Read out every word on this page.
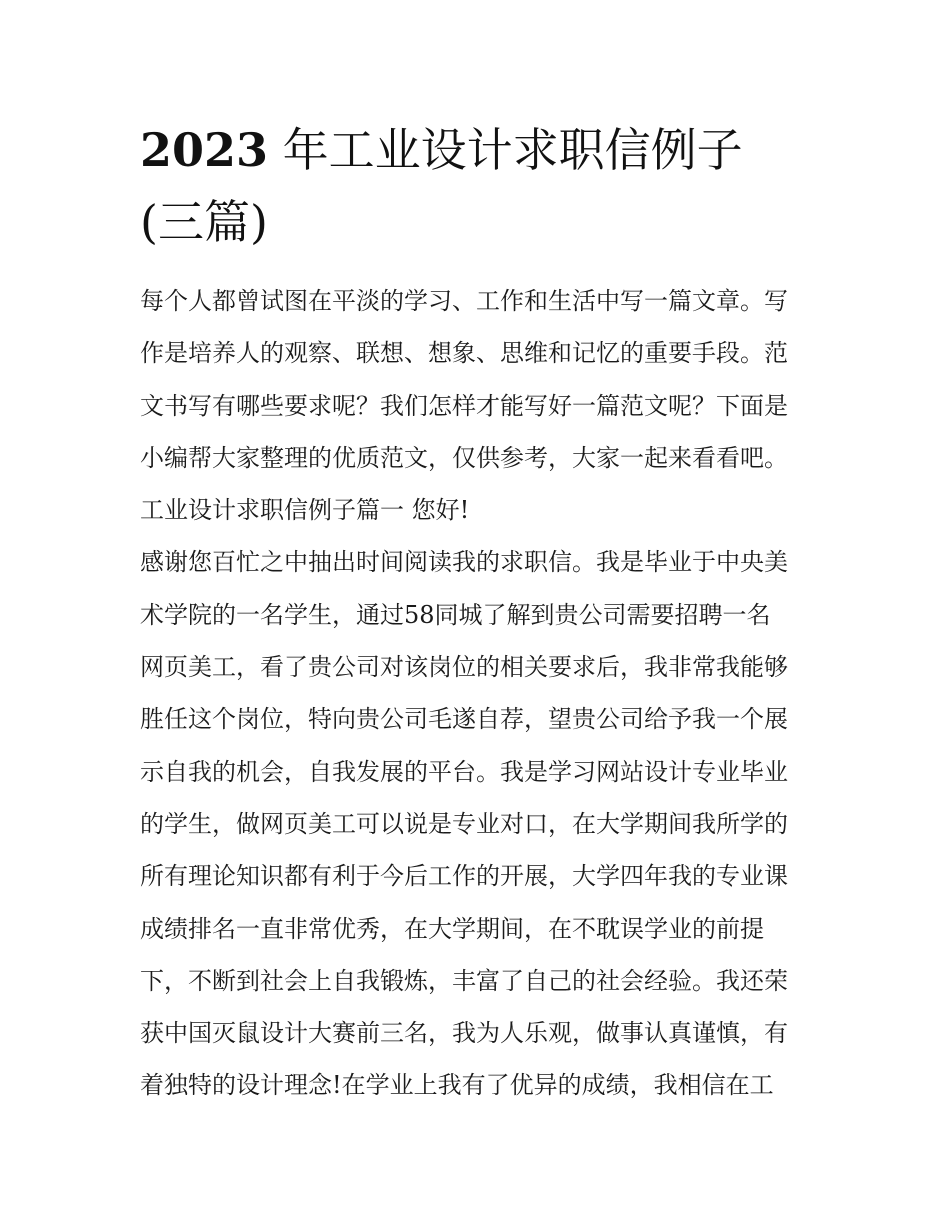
2023 年工业设计求职信例子
(三篇)
每个人都曾试图在平淡的学习、工作和生活中写一篇文章。写
作是培养人的观察、联想、想象、思维和记忆的重要手段。范
文书写有哪些要求呢？我们怎样才能写好一篇范文呢？下面是
小编帮大家整理的优质范文，仅供参考，大家一起来看看吧。
工业设计求职信例子篇一 您好!
感谢您百忙之中抽出时间阅读我的求职信。我是毕业于中央美
术学院的一名学生，通过58同城了解到贵公司需要招聘一名
网页美工，看了贵公司对该岗位的相关要求后，我非常我能够
胜任这个岗位，特向贵公司毛遂自荐，望贵公司给予我一个展
示自我的机会，自我发展的平台。我是学习网站设计专业毕业
的学生，做网页美工可以说是专业对口，在大学期间我所学的
所有理论知识都有利于今后工作的开展，大学四年我的专业课
成绩排名一直非常优秀，在大学期间，在不耽误学业的前提
下，不断到社会上自我锻炼，丰富了自己的社会经验。我还荣
获中国灭鼠设计大赛前三名，我为人乐观，做事认真谨慎，有
着独特的设计理念!在学业上我有了优异的成绩，我相信在工
